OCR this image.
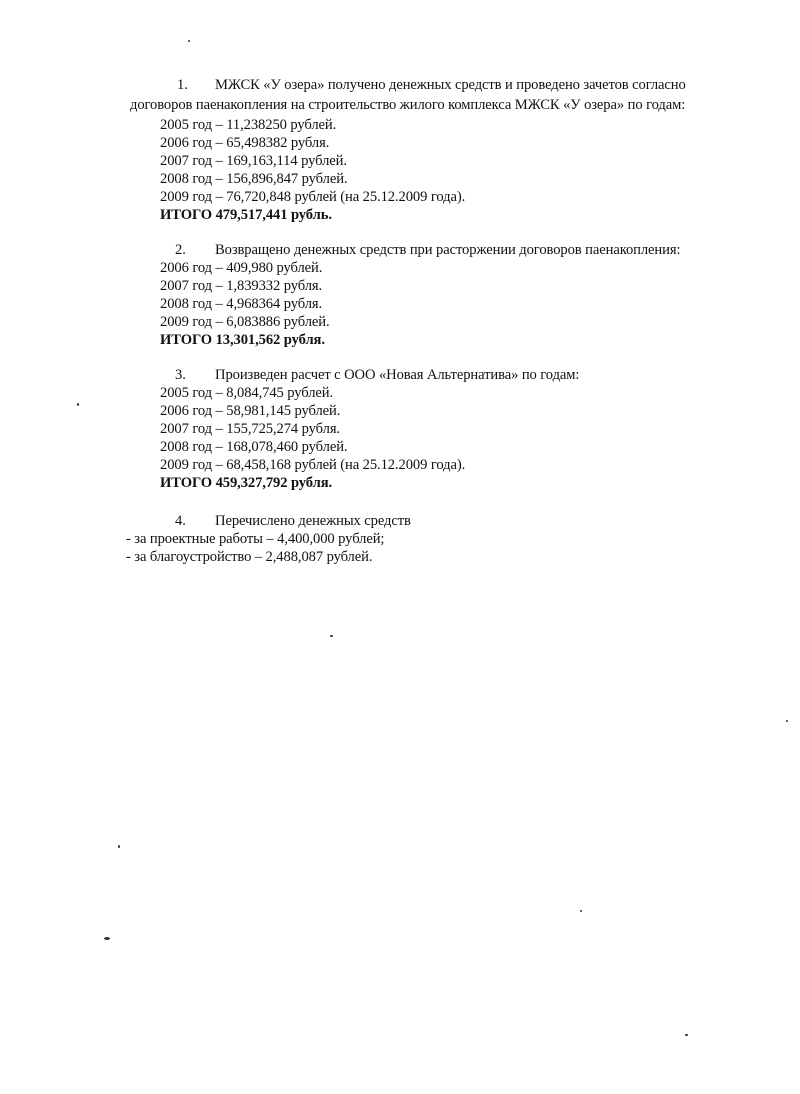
1. МЖСК «У озера» получено денежных средств и проведено зачетов согласно
договоров паенакопления на строительство жилого комплекса МЖСК «У озера» по годам:
2005 год – 11,238250 рублей.
2006 год – 65,498382 рубля.
2007 год – 169,163,114 рублей.
2008 год – 156,896,847 рублей.
2009 год – 76,720,848 рублей (на 25.12.2009 года).
ИТОГО 479,517,441 рубль.
2. Возвращено денежных средств при расторжении договоров паенакопления:
2006 год – 409,980 рублей.
2007 год – 1,839332 рубля.
2008 год – 4,968364 рубля.
2009 год – 6,083886 рублей.
ИТОГО 13,301,562 рубля.
3. Произведен расчет с ООО «Новая Альтернатива» по годам:
2005 год – 8,084,745 рублей.
2006 год – 58,981,145 рублей.
2007 год – 155,725,274 рубля.
2008 год – 168,078,460 рублей.
2009 год – 68,458,168 рублей (на 25.12.2009 года).
ИТОГО 459,327,792 рубля.
4. Перечислено денежных средств
- за проектные работы – 4,400,000 рублей;
- за благоустройство – 2,488,087 рублей.
